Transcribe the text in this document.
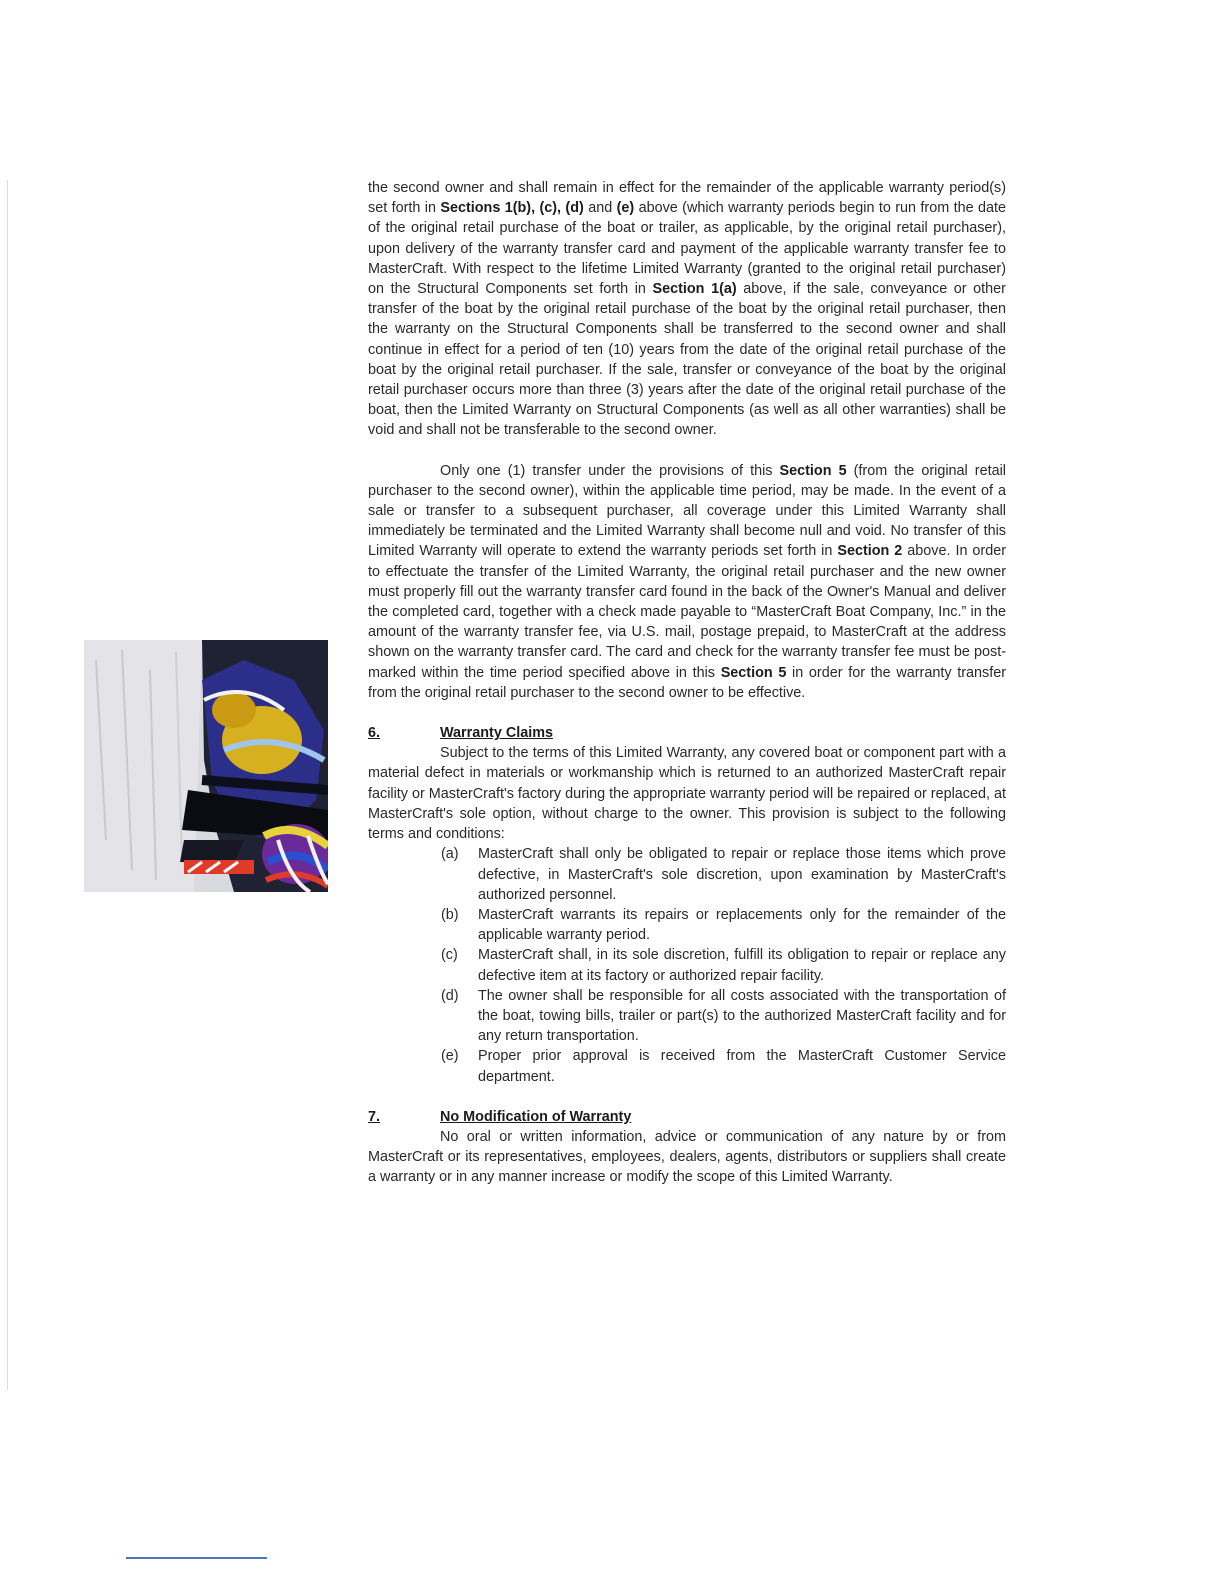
the second owner and shall remain in effect for the remainder of the applicable warranty period(s) set forth in Sections 1(b), (c), (d) and (e) above (which warranty periods begin to run from the date of the original retail purchase of the boat or trailer, as applicable, by the original retail purchaser), upon delivery of the warranty transfer card and payment of the applicable warranty transfer fee to MasterCraft. With respect to the lifetime Limited Warranty (granted to the original retail purchaser) on the Structural Components set forth in Section 1(a) above, if the sale, conveyance or other transfer of the boat by the original retail purchase of the boat by the original retail purchaser, then the warranty on the Structural Components shall be transferred to the second owner and shall continue in effect for a period of ten (10) years from the date of the original retail purchase of the boat by the original retail purchaser. If the sale, transfer or conveyance of the boat by the original retail purchaser occurs more than three (3) years after the date of the original retail purchase of the boat, then the Limited Warranty on Structural Components (as well as all other warranties) shall be void and shall not be transferable to the second owner.

Only one (1) transfer under the provisions of this Section 5 (from the original retail purchaser to the second owner), within the applicable time period, may be made. In the event of a sale or transfer to a subsequent purchaser, all coverage under this Limited Warranty shall immediately be terminated and the Limited Warranty shall become null and void. No transfer of this Limited Warranty will operate to extend the warranty periods set forth in Section 2 above. In order to effectuate the transfer of the Limited Warranty, the original retail purchaser and the new owner must properly fill out the warranty transfer card found in the back of the Owner's Manual and deliver the completed card, together with a check made payable to “MasterCraft Boat Company, Inc.” in the amount of the warranty transfer fee, via U.S. mail, postage prepaid, to MasterCraft at the address shown on the warranty transfer card. The card and check for the warranty transfer fee must be post-marked within the time period specified above in this Section 5 in order for the warranty transfer from the original retail purchaser to the second owner to be effective.

6.	Warranty Claims

Subject to the terms of this Limited Warranty, any covered boat or component part with a material defect in materials or workmanship which is returned to an authorized MasterCraft repair facility or MasterCraft's factory during the appropriate warranty period will be repaired or replaced, at MasterCraft's sole option, without charge to the owner. This provision is subject to the following terms and conditions:

(a) MasterCraft shall only be obligated to repair or replace those items which prove defective, in MasterCraft's sole discretion, upon examination by MasterCraft's authorized personnel.
(b) MasterCraft warrants its repairs or replacements only for the remainder of the applicable warranty period.
(c) MasterCraft shall, in its sole discretion, fulfill its obligation to repair or replace any defective item at its factory or authorized repair facility.
(d) The owner shall be responsible for all costs associated with the transportation of the boat, towing bills, trailer or part(s) to the authorized MasterCraft facility and for any return transportation.
(e) Proper prior approval is received from the MasterCraft Customer Service department.
7.	No Modification of Warranty

No oral or written information, advice or communication of any nature by or from MasterCraft or its representatives, employees, dealers, agents, distributors or suppliers shall create a warranty or in any manner increase or modify the scope of this Limited Warranty.
